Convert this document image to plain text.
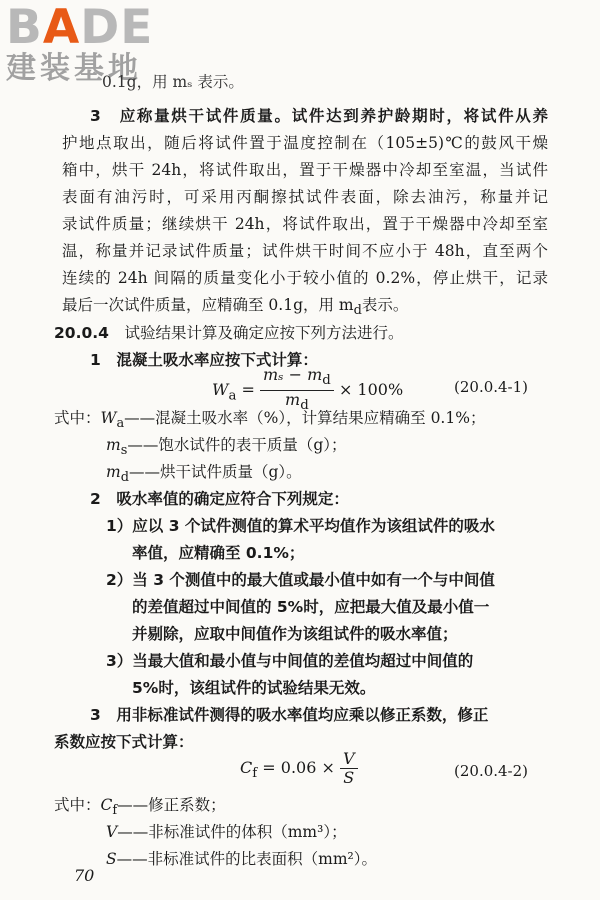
BADE
建装基地
0.1g，用 mₛ 表示。
3　 应称量烘干试件质量。试件达到养护龄期时，将试件从养
护地点取出，随后将试件置于温度控制在（105±5)℃的鼓风干燥
箱中，烘干 24h，将试件取出，置于干燥器中冷却至室温，当试件
表面有油污时，可采用丙酮擦拭试件表面，除去油污，称量并记
录试件质量；继续烘干 24h，将试件取出，置于干燥器中冷却至室
温，称量并记录试件质量；试件烘干时间不应小于 48h，直至两个
连续的 24h 间隔的质量变化小于较小值的 0.2%，停止烘干，记录
最后一次试件质量，应精确至 0.1g，用 $m_d$表示。
20.0.4　 试验结果计算及确定应按下列方法进行。
1　 混凝土吸水率应按下式计算：
$W_a = \frac{m_s - m_d}{m_d} \times 100\%$	(20.0.4-1)
式中：$W_a——$混凝土吸水率（%），计算结果应精确至 0.1%；
$m_s——$饱水试件的表干质量（g）；
$m_d——$烘干试件质量（g）。
2　 吸水率值的确定应符合下列规定：
1）应以 3 个试件测值的算术平均值作为该组试件的吸水
率值，应精确至 0.1%；
2）当 3 个测值中的最大值或最小值中如有一个与中间值
的差值超过中间值的 5%时，应把最大值及最小值一
并剔除，应取中间值作为该组试件的吸水率值；
3）当最大值和最小值与中间值的差值均超过中间值的
5%时，该组试件的试验结果无效。
3　 用非标准试件测得的吸水率值均应乘以修正系数，修正
系数应按下式计算：
$C_f = 0.06 \times \frac{V}{S}$	(20.0.4-2)
式中：$C_f——$修正系数；
V——非标准试件的体积（mm³）；
S——非标准试件的比表面积（mm²）。
70
